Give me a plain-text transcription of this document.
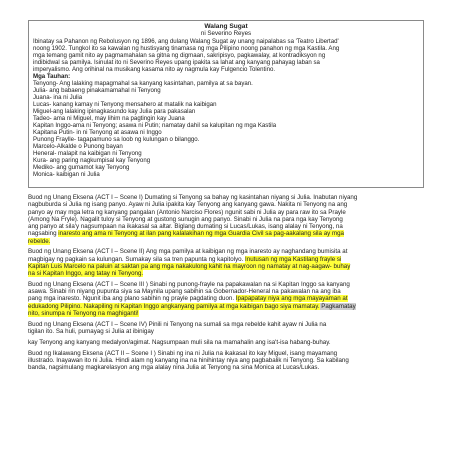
Walang Sugat
ni Severino Reyes
Ibinatay sa Pahanon ng Rebolusyon ng 1896, ang dulang Walang Sugat ay unang naipalabas sa 'Teatro Libertad'
noong 1902. Tungkol ito sa kawalan ng hustisyang tinamasa ng mga Pilipino noong panahon ng mga Kastila. Ang
mga temang gamit nito ay pagmamahalan sa gitna ng digmaan, sakripisyo, pagkawalay, at kontradiksyon ng
indibidwal sa pamilya. Isinulat ito ni Severino Reyes upang ipakita sa lahat ang kanyang pahayag laban sa
imperyalismo. Ang orihinal na musikang kasama nito ay nagmula kay Fulgencio Tolentino.
Mga Tauhan:
Tenyong- Ang lalaking mapagmahal sa kanyang kasintahan, pamilya at sa bayan.
Julia- ang babaeng pinakamamahal ni Tenyong
Juana- ina ni Julia
Lucas- kanang kamay ni Tenyong mensahero at matalik na kaibigan
Miguel-ang lalaking ipinagkasundo kay Julia para pakasalan
Tadeo- ama ni Miguel, may lihim na pagtingin kay Juana
Kapitan Inggo-ama ni Tenyong; asawa ni Putin; namatay dahil sa kalupitan ng mga Kastila
Kapitana Putin- in ni Tenyong at asawa ni Inggo
Punong Fraylle- tagapamuno sa loob ng kulungan o bilanggo.
Marcelo-Alkalde o Punong bayan
Heneral- malapit na kaibigan ni Tenyong
Kura- ang paring nagkumpisal kay Tenyong
Mediko- ang gumamot kay Tenyong
Monica- kaibigan ni Julia
Buod ng Unang Eksena (ACT I – Scene I) Dumating si Tenyong sa bahay ng kasintahan niyang si Julia. Inabutan niyang
nagbuburda si Julia ng isang panyo. Ayaw ni Julia ipakita kay Tenyong ang kanyang gawa. Nakita ni Tenyong na ang
panyo ay may mga letra ng kanyang pangalan (Antonio Narciso Flores) ngunit sabi ni Julia ay para raw ito sa Prayle
(Among Na Fryle). Nagalit tuloy si Tenyong at gustong sunugin ang panyo. Sinabi ni Julia na para nga kay Tenyong
ang panyo at sila'y nagsumpaan na ikakasal sa altar. Biglang dumating si Lucas/Lukas, isang alalay ni Tenyong, na
nagsabing inaresto ang ama ni Tenyong at ilan pang kalalakihan ng mga Guardia Civil sa pag-aakalang sila ay mga
rebelde.
Buod ng Unang Eksena (ACT I – Scene II) Ang mga pamilya at kaibigan ng mga inaresto ay naghandang bumisita at
magbigay ng pagkain sa kulungan. Sumakay sila sa tren papunta ng kapitolyo. Inutusan ng mga Kastilang frayle si
Kapitan Luis Marcelo na paluin at saktan pa ang mga nakakulong kahit na mayroon ng namatay at nag-aagaw- buhay
na si Kapitan Inggo, ang tatay ni Tenyong.
Buod ng Unang Eksena (ACT I – Scene III ) Sinabi ng punong-frayle na papakawalan na si Kapitan Inggo sa kanyang
asawa. Sinabi rin niyang pupunta siya sa Maynila upang sabihin sa Gobernador-Heneral na pakawalan na ang iba
pang mga inaresto. Ngunit iba ang plano sabihin ng prayle pagdating duon. Ipapapatay niya ang mga mayayaman at
edukadong Pilipino. Nakapiling ni Kapitan Inggo angkanyang pamilya at mga kaibigan bago siya mamatay. Pagkamatay
nito, sinumpa ni Tenyong na maghiganti!
Buod ng Unang Eksena (ACT I – Scene IV) Pinili ni Tenyong na sumali sa mga rebelde kahit ayaw ni Julia na
tigilan ito. Sa huli, pumayag si Julia at ibinigay
kay Tenyong ang kanyang medalyon/agimat. Nagsumpaan muli sila na mamahalin ang isa't-isa habang-buhay.
Buod ng Ikalawang Eksena (ACT II – Scene I ) Sinabi ng ina ni Julia na ikakasal ito kay Miguel, isang mayamang
illustrado. Inayawan ito ni Julia. Hindi alam ng kanyang ina na hinihintay niya ang pagbabalik ni Tenyong. Sa kabilang
banda, nagsimulang magkarelasyon ang mga alalay nina Julia at Tenyong na sina Monica at Lucas/Lukas.
